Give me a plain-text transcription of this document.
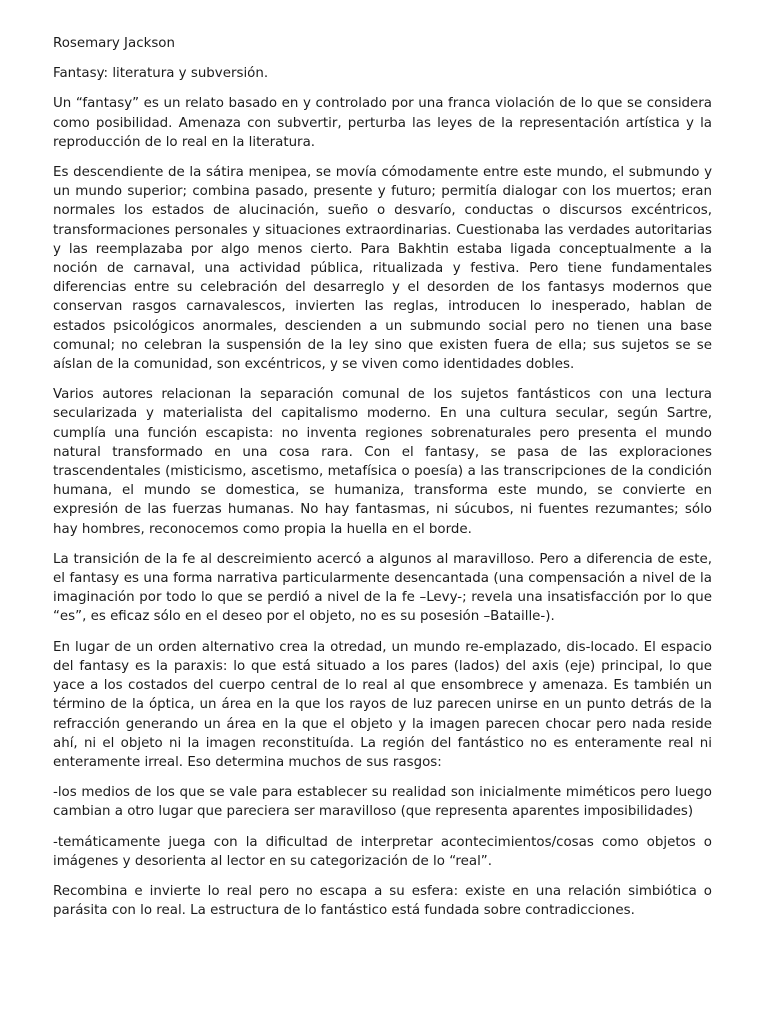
Rosemary Jackson

Fantasy: literatura y subversión.

Un “fantasy” es un relato basado en y controlado por una franca violación de lo que se considera como posibilidad. Amenaza con subvertir, perturba las leyes de la representación artística y la reproducción de lo real en la literatura.

Es descendiente de la sátira menipea, se movía cómodamente entre este mundo, el submundo y un mundo superior; combina pasado, presente y futuro; permitía dialogar con los muertos; eran normales los estados de alucinación, sueño o desvarío, conductas o discursos excéntricos, transformaciones personales y situaciones extraordinarias. Cuestionaba las verdades autoritarias y las reemplazaba por algo menos cierto. Para Bakhtin estaba ligada conceptualmente a la noción de carnaval, una actividad pública, ritualizada y festiva. Pero tiene fundamentales diferencias entre su celebración del desarreglo y el desorden de los fantasys modernos que conservan rasgos carnavalescos, invierten las reglas, introducen lo inesperado, hablan de estados psicológicos anormales, descienden a un submundo social pero no tienen una base comunal; no celebran la suspensión de la ley sino que existen fuera de ella; sus sujetos se se aíslan de la comunidad, son excéntricos, y se viven como identidades dobles.

Varios autores relacionan la separación comunal de los sujetos fantásticos con una lectura secularizada y materialista del capitalismo moderno. En una cultura secular, según Sartre, cumplía una función escapista: no inventa regiones sobrenaturales pero presenta el mundo natural transformado en una cosa rara. Con el fantasy, se pasa de las exploraciones trascendentales (misticismo, ascetismo, metafísica o poesía) a las transcripciones de la condición humana, el mundo se domestica, se humaniza, transforma este mundo, se convierte en expresión de las fuerzas humanas. No hay fantasmas, ni súcubos, ni fuentes rezumantes; sólo hay hombres, reconocemos como propia la huella en el borde.

La transición de la fe al descreimiento acercó a algunos al maravilloso. Pero a diferencia de este, el fantasy es una forma narrativa particularmente desencantada (una compensación a nivel de la imaginación por todo lo que se perdió a nivel de la fe –Levy-; revela una insatisfacción por lo que “es”, es eficaz sólo en el deseo por el objeto, no es su posesión –Bataille-).

En lugar de un orden alternativo crea la otredad, un mundo re-emplazado, dis-locado. El espacio del fantasy es la paraxis: lo que está situado a los pares (lados) del axis (eje) principal, lo que yace a los costados del cuerpo central de lo real al que ensombrece y amenaza. Es también un término de la óptica, un área en la que los rayos de luz parecen unirse en un punto detrás de la refracción generando un área en la que el objeto y la imagen parecen chocar pero nada reside ahí, ni el objeto ni la imagen reconstituída. La región del fantástico no es enteramente real ni enteramente irreal. Eso determina muchos de sus rasgos:

-los medios de los que se vale para establecer su realidad son inicialmente miméticos pero luego cambian a otro lugar que pareciera ser maravilloso (que representa aparentes imposibilidades)

-temáticamente juega con la dificultad de interpretar acontecimientos/cosas como objetos o imágenes y desorienta al lector en su categorización de lo “real”.

Recombina e invierte lo real pero no escapa a su esfera: existe en una relación simbiótica o parásita con lo real. La estructura de lo fantástico está fundada sobre contradicciones.
